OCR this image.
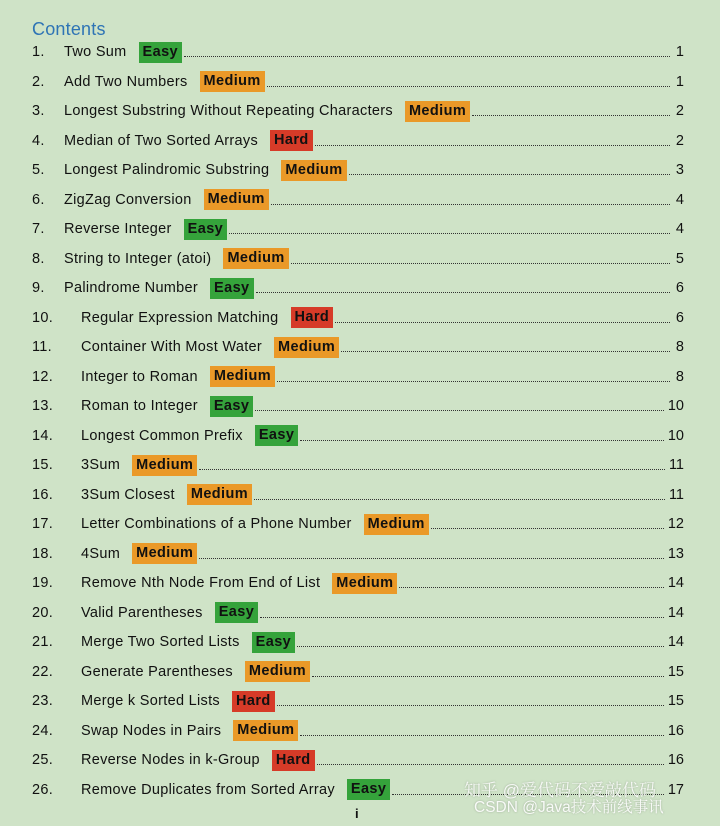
Contents
1. Two Sum Easy	1
2. Add Two Numbers Medium	1
3. Longest Substring Without Repeating Characters Medium	2
4. Median of Two Sorted Arrays Hard	2
5. Longest Palindromic Substring Medium	3
6. ZigZag Conversion Medium	4
7. Reverse Integer Easy	4
8. String to Integer (atoi) Medium	5
9. Palindrome Number Easy	6
10. Regular Expression Matching Hard	6
11. Container With Most Water Medium	8
12. Integer to Roman Medium	8
13. Roman to Integer Easy	10
14. Longest Common Prefix Easy	10
15. 3Sum Medium	11
16. 3Sum Closest Medium	11
17. Letter Combinations of a Phone Number Medium	12
18. 4Sum Medium	13
19. Remove Nth Node From End of List Medium	14
20. Valid Parentheses Easy	14
21. Merge Two Sorted Lists Easy	14
22. Generate Parentheses Medium	15
23. Merge k Sorted Lists Hard	15
24. Swap Nodes in Pairs Medium	16
25. Reverse Nodes in k-Group Hard	16
26. Remove Duplicates from Sorted Array Easy	17
i
知乎 @爱代码不爱敲代码
CSDN @Java技术前线事讯
